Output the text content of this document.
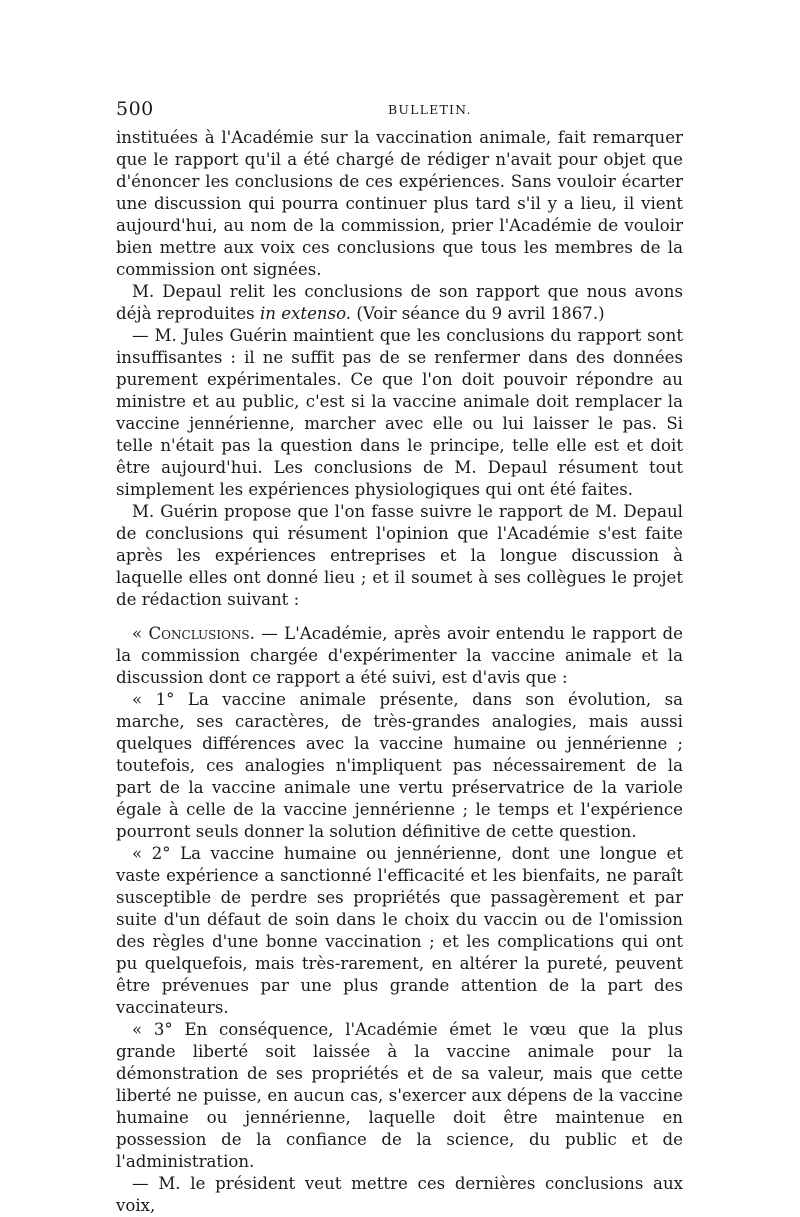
500	BULLETIN.

instituées à l'Académie sur la vaccination animale, fait remarquer que le rapport qu'il a été chargé de rédiger n'avait pour objet que d'énoncer les conclusions de ces expériences. Sans vouloir écarter une discussion qui pourra continuer plus tard s'il y a lieu, il vient aujourd'hui, au nom de la commission, prier l'Académie de vouloir bien mettre aux voix ces conclusions que tous les membres de la commission ont signées.

M. Depaul relit les conclusions de son rapport que nous avons déjà reproduites in extenso. (Voir séance du 9 avril 1867.)

— M. Jules Guérin maintient que les conclusions du rapport sont insuffisantes : il ne suffit pas de se renfermer dans des données purement expérimentales. Ce que l'on doit pouvoir répondre au ministre et au public, c'est si la vaccine animale doit remplacer la vaccine jennérienne, marcher avec elle ou lui laisser le pas. Si telle n'était pas la question dans le principe, telle elle est et doit être aujourd'hui. Les conclusions de M. Depaul résument tout simplement les expériences physiologiques qui ont été faites.

M. Guérin propose que l'on fasse suivre le rapport de M. Depaul de conclusions qui résument l'opinion que l'Académie s'est faite après les expériences entreprises et la longue discussion à laquelle elles ont donné lieu ; et il soumet à ses collègues le projet de rédaction suivant :

« Conclusions. — L'Académie, après avoir entendu le rapport de la commission chargée d'expérimenter la vaccine animale et la discussion dont ce rapport a été suivi, est d'avis que :

« 1° La vaccine animale présente, dans son évolution, sa marche, ses caractères, de très-grandes analogies, mais aussi quelques différences avec la vaccine humaine ou jennérienne ; toutefois, ces analogies n'impliquent pas nécessairement de la part de la vaccine animale une vertu préservatrice de la variole égale à celle de la vaccine jennérienne ; le temps et l'expérience pourront seuls donner la solution définitive de cette question.

« 2° La vaccine humaine ou jennérienne, dont une longue et vaste expérience a sanctionné l'efficacité et les bienfaits, ne paraît susceptible de perdre ses propriétés que passagèrement et par suite d'un défaut de soin dans le choix du vaccin ou de l'omission des règles d'une bonne vaccination ; et les complications qui ont pu quelquefois, mais très-rarement, en altérer la pureté, peuvent être prévenues par une plus grande attention de la part des vaccinateurs.

« 3° En conséquence, l'Académie émet le vœu que la plus grande liberté soit laissée à la vaccine animale pour la démonstration de ses propriétés et de sa valeur, mais que cette liberté ne puisse, en aucun cas, s'exercer aux dépens de la vaccine humaine ou jennérienne, laquelle doit être maintenue en possession de la confiance de la science, du public et de l'administration.

— M. le président veut mettre ces dernières conclusions aux voix,
